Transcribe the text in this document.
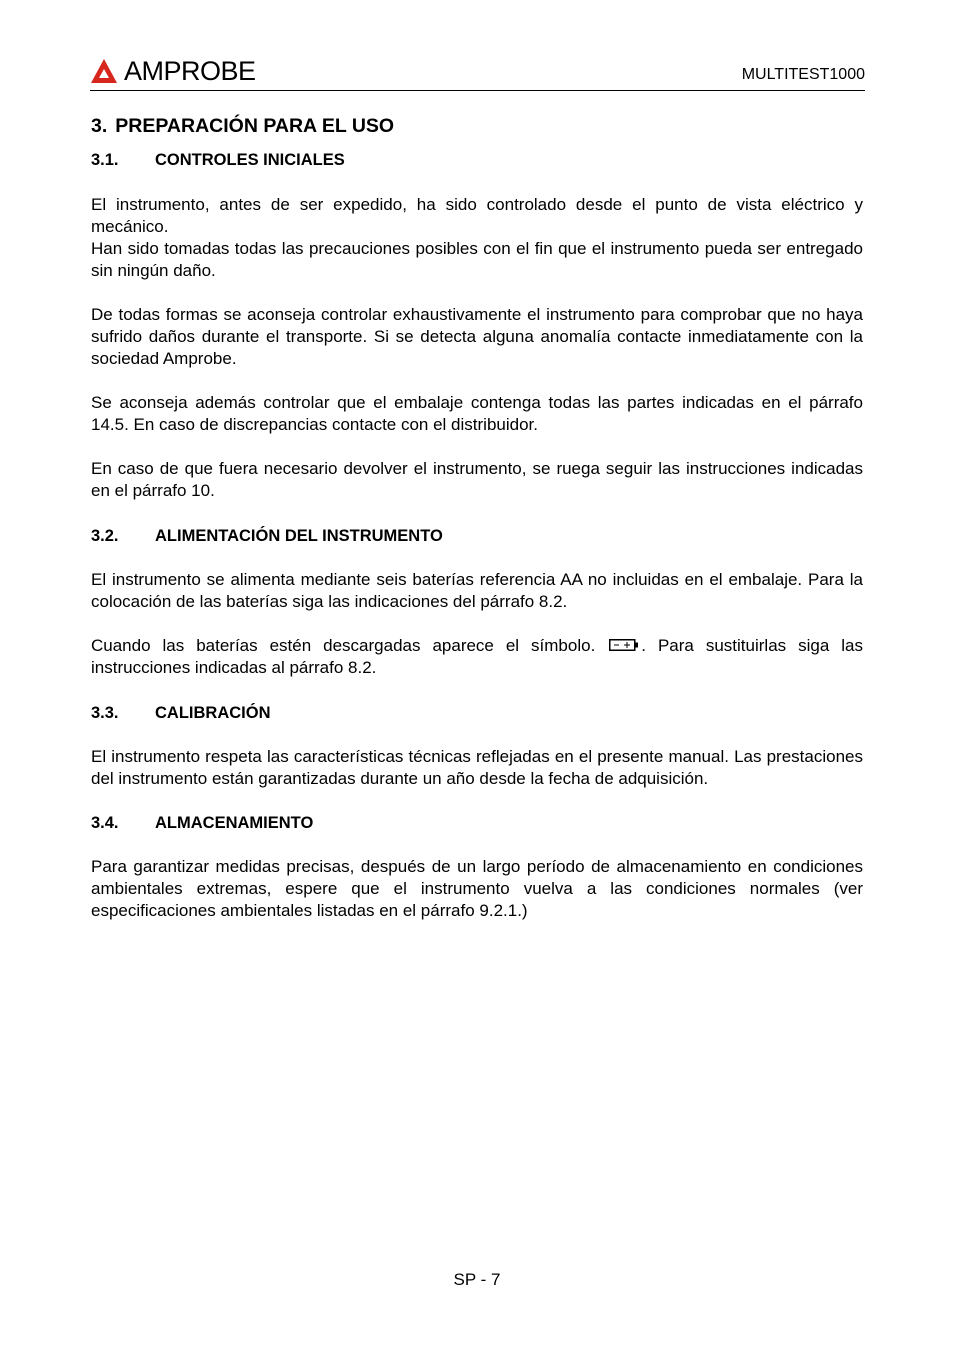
AMPROBE	MULTITEST1000
3. PREPARACIÓN PARA EL USO
3.1.	CONTROLES INICIALES

El instrumento, antes de ser expedido, ha sido controlado desde el punto de vista eléctrico y mecánico.

Han sido tomadas todas las precauciones posibles con el fin que el instrumento pueda ser entregado sin ningún daño.

De todas formas se aconseja controlar exhaustivamente el instrumento para comprobar que no haya sufrido daños durante el transporte. Si se detecta alguna anomalía contacte inmediatamente con la sociedad Amprobe.

Se aconseja además controlar que el embalaje contenga todas las partes indicadas en el párrafo 14.5. En caso de discrepancias contacte con el distribuidor.

En caso de que fuera necesario devolver el instrumento, se ruega seguir las instrucciones indicadas en el párrafo 10.

3.2.	ALIMENTACIÓN DEL INSTRUMENTO

El instrumento se alimenta mediante seis baterías referencia AA no incluidas en el embalaje. Para la colocación de las baterías siga las indicaciones del párrafo 8.2.

Cuando las baterías estén descargadas aparece el símbolo.	. Para sustituirlas siga las instrucciones indicadas al párrafo 8.2.

3.3.	CALIBRACIÓN

El instrumento respeta las características técnicas reflejadas en el presente manual. Las prestaciones del instrumento están garantizadas durante un año desde la fecha de adquisición.

3.4.	ALMACENAMIENTO

Para garantizar medidas precisas, después de un largo período de almacenamiento en condiciones ambientales extremas, espere que el instrumento vuelva a las condiciones normales (ver especificaciones ambientales listadas en el párrafo 9.2.1.)

SP - 7
